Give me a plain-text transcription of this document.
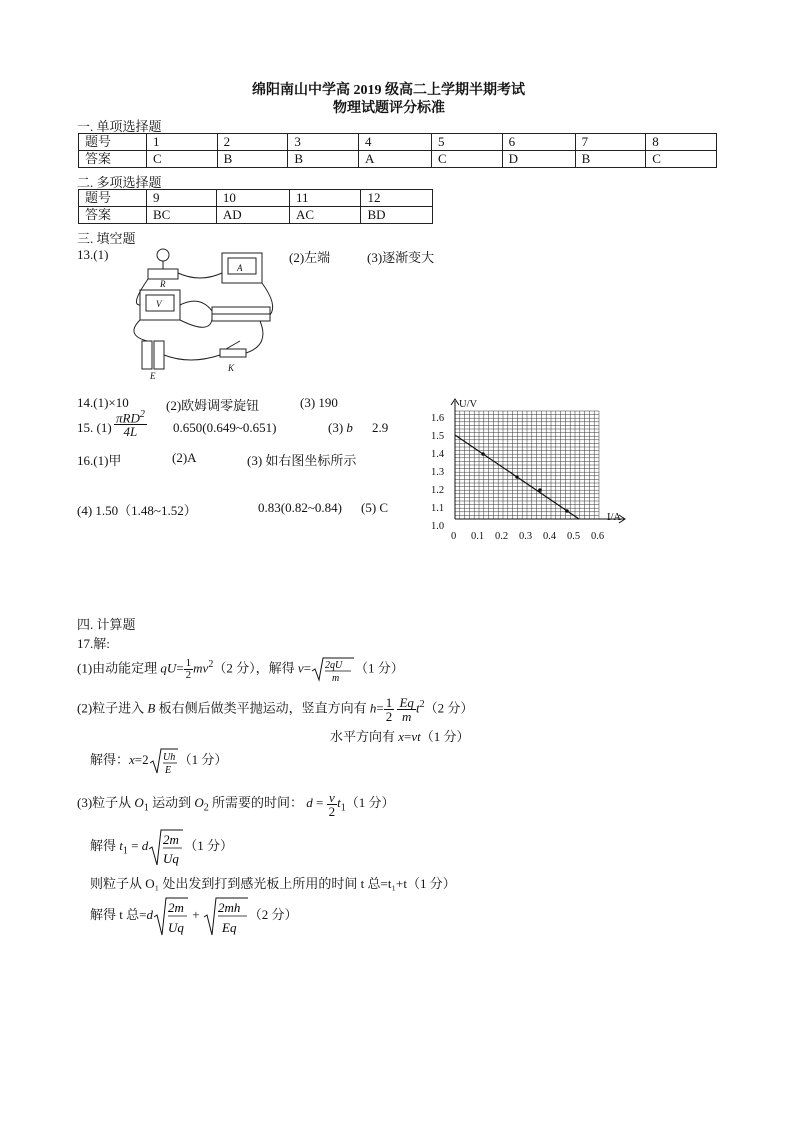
绵阳南山中学高 2019 级高二上学期半期考试
物理试题评分标准
一. 单项选择题
题号	1	2	3	4	5	6	7	8
答案	C	B	B	A	C	D	B	C
二. 多项选择题
题号	9	10	11	12
答案	BC	AD	AC	BD
三. 填空题
13.(1)	(2)左端	(3)逐渐变大
A
V
R
E
K
14.(1)×10	(2)欧姆调零旋钮	(3) 190
15. $(1) \frac{\pi RD^2}{4L}$ 0.650(0.649~0.651)	(3) b 2.9
16.(1)甲	(2)A	(3) 如右图坐标所示
(4) 1.50（1.48~1.52）	0.83(0.82~0.84) (5) C
U/V
I/A
1.6
1.5
1.4
1.3
1.2
1.1
1.0
0 0.1 0.2 0.3 0.4 0.5 0.6
四. 计算题
17.解:
(1)由动能定理 $qU= \frac{1}{2} mv^2(2$ 分），解得 v= 2qU
m
（1 分）
(2)粒子进入 B 板右侧后做类平抛运动，竖直方向有 $h= \frac{1}{2}$
$\frac{Eq}{m} t^2(2$ 分）
水平方向有 x=vt（1 分）
解得：x=2 Uh
E
（1 分）
(3)粒子从 $O_1$ 运动到 $O_2$ 所需要的时间： $d = \frac{v}{2} t_1(1$ 分）
解得 $t_1 = d$ 2m
Uq
（1 分）
则粒子从 O₁ 处出发到打到感光板上所用的时间 t 总=t₁+t（1 分）
解得 t 总=d 2m
Uq
+ 2mh
Eq
（2 分）
